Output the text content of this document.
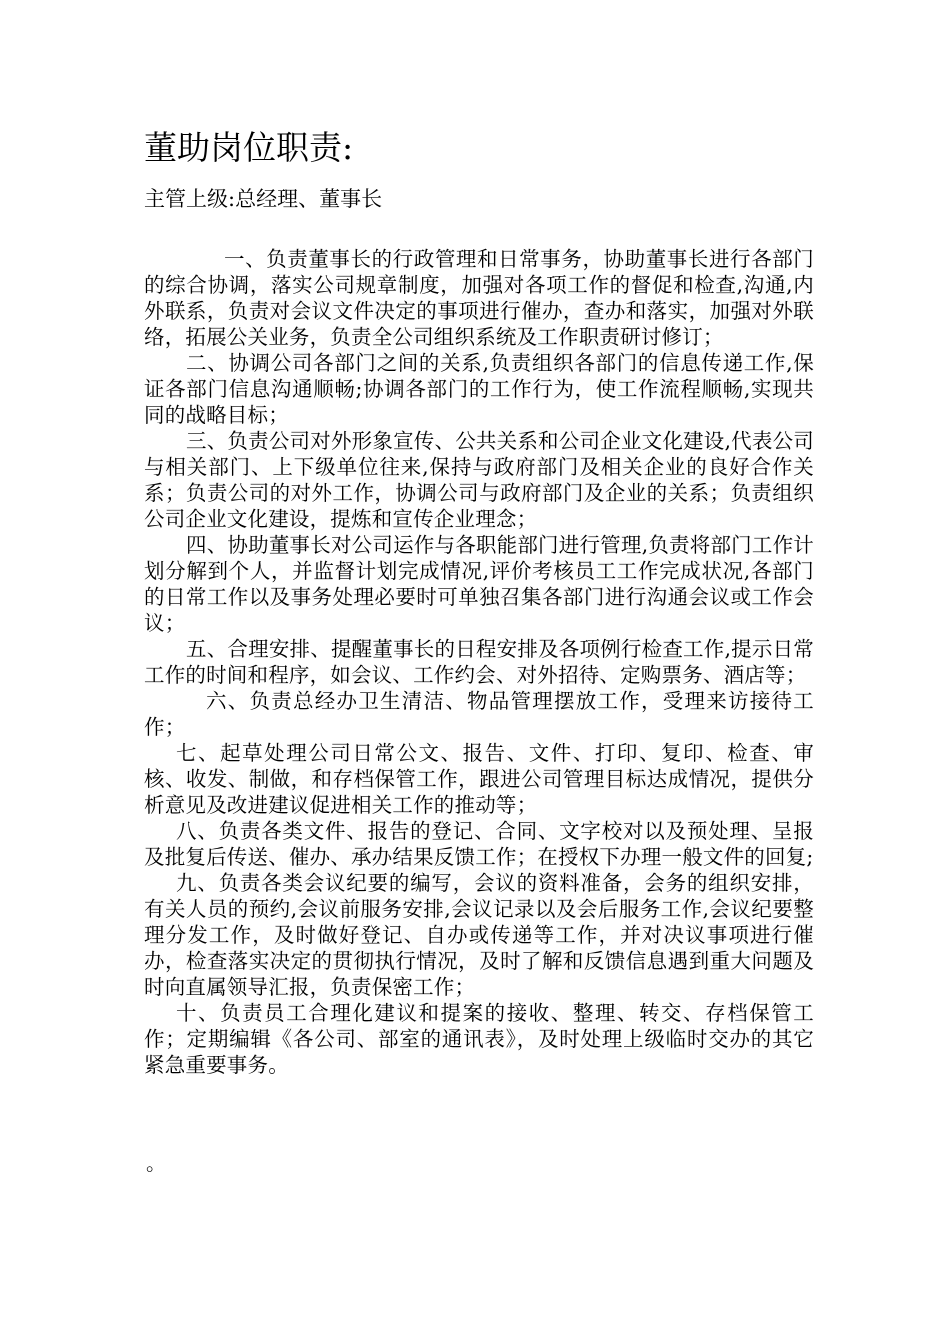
董助岗位职责:
主管上级:总经理、董事长

一、负责董事长的行政管理和日常事务，协助董事长进行各部门的综合协调，落实公司规章制度，加强对各项工作的督促和检查,沟通,内外联系，负责对会议文件决定的事项进行催办，查办和落实，加强对外联络，拓展公关业务，负责全公司组织系统及工作职责研讨修订；

二、协调公司各部门之间的关系,负责组织各部门的信息传递工作,保证各部门信息沟通顺畅;协调各部门的工作行为，使工作流程顺畅,实现共同的战略目标；

三、负责公司对外形象宣传、公共关系和公司企业文化建设,代表公司与相关部门、上下级单位往来,保持与政府部门及相关企业的良好合作关系；负责公司的对外工作，协调公司与政府部门及企业的关系；负责组织公司企业文化建设，提炼和宣传企业理念；

四、协助董事长对公司运作与各职能部门进行管理,负责将部门工作计划分解到个人，并监督计划完成情况,评价考核员工工作完成状况,各部门的日常工作以及事务处理必要时可单独召集各部门进行沟通会议或工作会议；

五、合理安排、提醒董事长的日程安排及各项例行检查工作,提示日常工作的时间和程序，如会议、工作约会、对外招待、定购票务、酒店等；

六、负责总经办卫生清洁、物品管理摆放工作，受理来访接待工作；

七、起草处理公司日常公文、报告、文件、打印、复印、检查、审核、收发、制做，和存档保管工作，跟进公司管理目标达成情况，提供分析意见及改进建议促进相关工作的推动等；

八、负责各类文件、报告的登记、合同、文字校对以及预处理、呈报及批复后传送、催办、承办结果反馈工作；在授权下办理一般文件的回复;

九、负责各类会议纪要的编写，会议的资料准备，会务的组织安排，有关人员的预约,会议前服务安排,会议记录以及会后服务工作,会议纪要整理分发工作，及时做好登记、自办或传递等工作，并对决议事项进行催办，检查落实决定的贯彻执行情况，及时了解和反馈信息遇到重大问题及时向直属领导汇报，负责保密工作；

十、负责员工合理化建议和提案的接收、整理、转交、存档保管工作；定期编辑《各公司、部室的通讯表》，及时处理上级临时交办的其它紧急重要事务。

。
